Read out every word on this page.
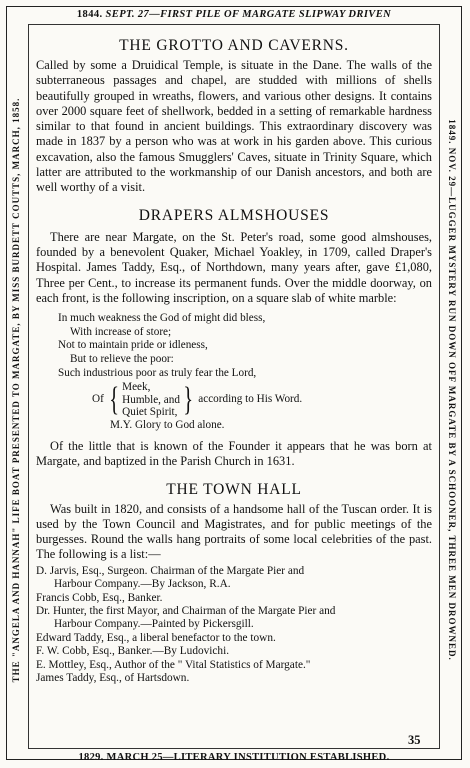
1844. SEPT. 27—FIRST PILE OF MARGATE SLIPWAY DRIVEN
THE "ANGELA AND HANNAH" LIFE BOAT PRESENTED TO MARGATE, BY MISS BURDETT COUTTS, MARCH, 1858.	1849. NOV. 29—LUGGER MYSTERY RUN DOWN OFF MARGATE BY A SCHOONER, THREE MEN DROWNED.
THE GROTTO AND CAVERNS.

Called by some a Druidical Temple, is situate in the Dane. The walls of the subterraneous passages and chapel, are studded with millions of shells beautifully grouped in wreaths, flowers, and various other designs. It contains over 2000 square feet of shellwork, bedded in a setting of remarkable hardness similar to that found in ancient buildings. This extraordinary discovery was made in 1837 by a person who was at work in his garden above. This curious excavation, also the famous Smugglers' Caves, situate in Trinity Square, which latter are attributed to the workmanship of our Danish ancestors, and both are well worthy of a visit.

DRAPERS ALMSHOUSES

There are near Margate, on the St. Peter's road, some good almshouses, founded by a benevolent Quaker, Michael Yoakley, in 1709, called Draper's Hospital. James Taddy, Esq., of Northdown, many years after, gave £1,080, Three per Cent., to increase its permanent funds. Over the middle doorway, on each front, is the following inscription, on a square slab of white marble:

In much weakness the God of might did bless,
With increase of store;
Not to maintain pride or idleness,
But to relieve the poor:
Such industrious poor as truly fear the Lord,
Of { Meek,
Humble, and
Quiet Spirit, } according to His Word.
M.Y. Glory to God alone.

Of the little that is known of the Founder it appears that he was born at Margate, and baptized in the Parish Church in 1631.

THE TOWN HALL

Was built in 1820, and consists of a handsome hall of the Tuscan order. It is used by the Town Council and Magistrates, and for public meetings of the burgesses. Round the walls hang portraits of some local celebrities of the past. The following is a list:—

D. Jarvis, Esq., Surgeon. Chairman of the Margate Pier and
Harbour Company.—By Jackson, R.A.
Francis Cobb, Esq., Banker.
Dr. Hunter, the first Mayor, and Chairman of the Margate Pier and
Harbour Company.—Painted by Pickersgill.
Edward Taddy, Esq., a liberal benefactor to the town.
F. W. Cobb, Esq., Banker.—By Ludovichi.
E. Mottley, Esq., Author of the " Vital Statistics of Margate."
James Taddy, Esq., of Hartsdown.
35
1829. MARCH 25—LITERARY INSTITUTION ESTABLISHED.
